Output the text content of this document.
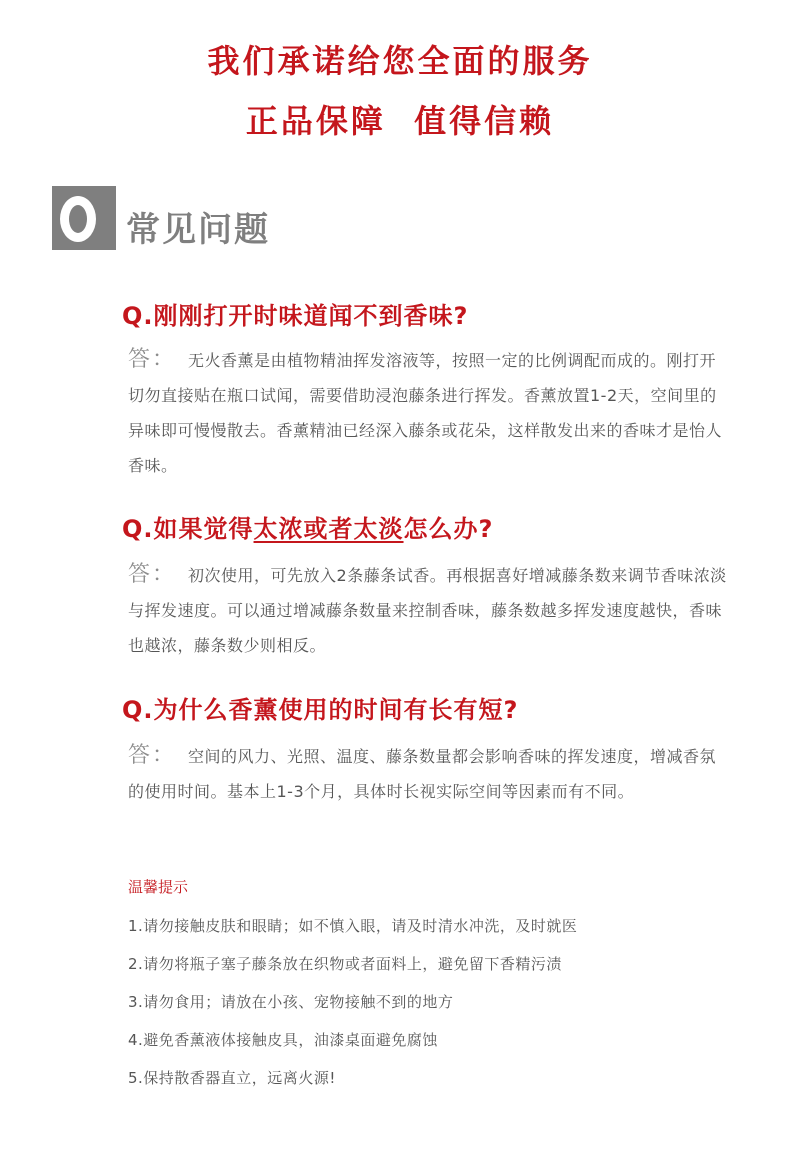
我们承诺给您全面的服务
正品保障  值得信赖
常见问题
Q.刚刚打开时味道闻不到香味?
答： 无火香薰是由植物精油挥发溶液等，按照一定的比例调配而成的。刚打开切勿直接贴在瓶口试闻，需要借助浸泡藤条进行挥发。香薰放置1-2天，空间里的异味即可慢慢散去。香薰精油已经深入藤条或花朵，这样散发出来的香味才是怡人香味。
Q.如果觉得太浓或者太淡怎么办?
答： 初次使用，可先放入2条藤条试香。再根据喜好增减藤条数来调节香味浓淡与挥发速度。可以通过增减藤条数量来控制香味，藤条数越多挥发速度越快，香味也越浓，藤条数少则相反。
Q.为什么香薰使用的时间有长有短?
答： 空间的风力、光照、温度、藤条数量都会影响香味的挥发速度，增减香氛的使用时间。基本上1-3个月，具体时长视实际空间等因素而有不同。
温馨提示
1.请勿接触皮肤和眼睛；如不慎入眼，请及时清水冲洗，及时就医
2.请勿将瓶子塞子藤条放在织物或者面料上，避免留下香精污渍
3.请勿食用；请放在小孩、宠物接触不到的地方
4.避免香薰液体接触皮具，油漆桌面避免腐蚀
5.保持散香器直立，远离火源!
